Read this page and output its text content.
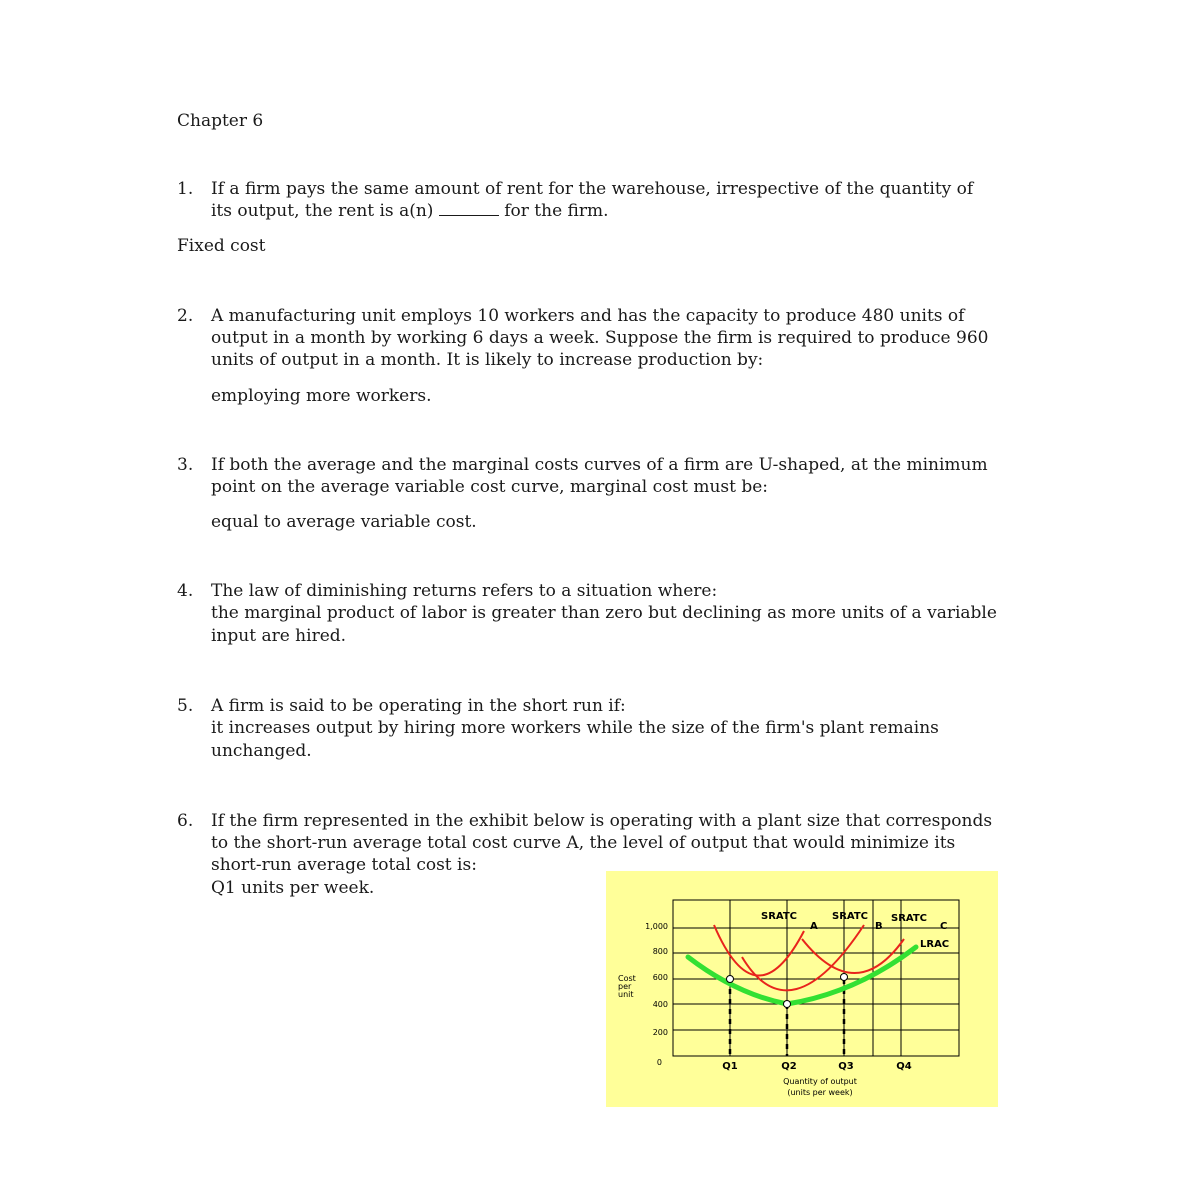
Chapter 6
1. If a firm pays the same amount of rent for the warehouse, irrespective of the quantity of
its output, the rent is a(n)	for the firm.
Fixed cost
2. A manufacturing unit employs 10 workers and has the capacity to produce 480 units of
output in a month by working 6 days a week. Suppose the firm is required to produce 960
units of output in a month. It is likely to increase production by:
employing more workers.
3. If both the average and the marginal costs curves of a firm are U-shaped, at the minimum
point on the average variable cost curve, marginal cost must be:
equal to average variable cost.
4. The law of diminishing returns refers to a situation where:
the marginal product of labor is greater than zero but declining as more units of a variable
input are hired.
5. A firm is said to be operating in the short run if:
it increases output by hiring more workers while the size of the firm's plant remains
unchanged.
6. If the firm represented in the exhibit below is operating with a plant size that corresponds
to the short-run average total cost curve A, the level of output that would minimize its
short-run average total cost is:
Q1 units per week.
1,000
800
600
400
200
0
Cost
per
unit
SRATC
A
SRATC
B
SRATC
C
LRAC
Q1	Q2	Q3	Q4
Quantity of output
(units per week)
